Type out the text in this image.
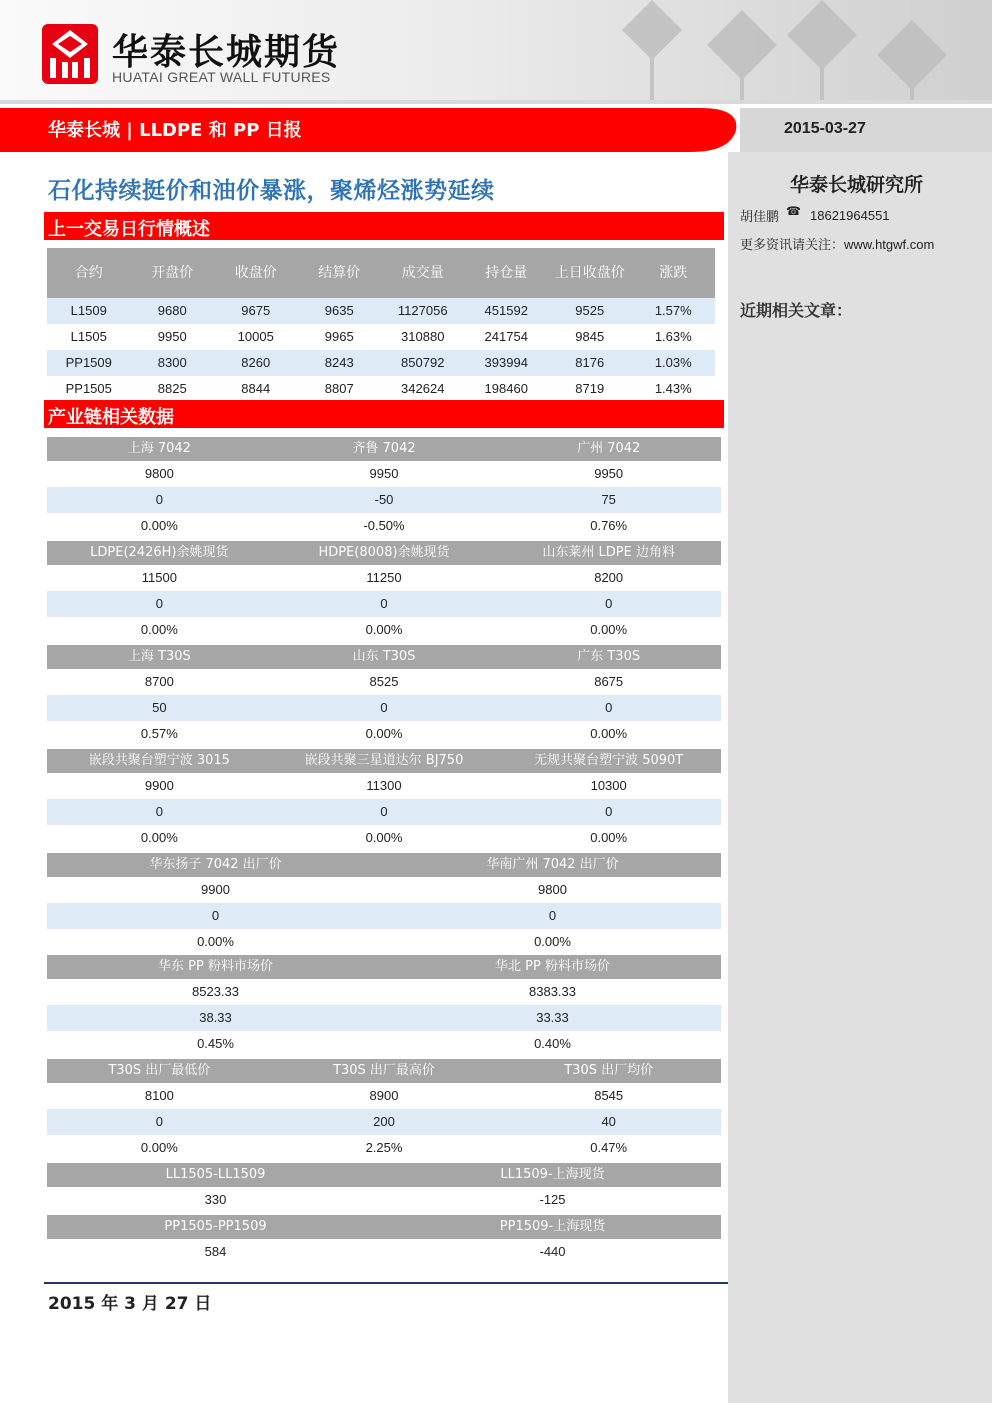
华泰长城期货
HUATAI GREAT WALL FUTURES
华泰长城 | LLDPE 和 PP 日报	2015-03-27
华泰长城研究所
胡佳鹏 ☎ 18621964551
更多资讯请关注：www.htgwf.com
近期相关文章：
石化持续挺价和油价暴涨，聚烯烃涨势延续
上一交易日行情概述
合约	开盘价	收盘价	结算价	成交量	持仓量	上日收盘价	涨跌
L1509	9680	9675	9635	1127056	451592	9525	1.57%
L1505	9950	10005	9965	310880	241754	9845	1.63%
PP1509	8300	8260	8243	850792	393994	8176	1.03%
PP1505	8825	8844	8807	342624	198460	8719	1.43%
产业链相关数据
上海 7042	齐鲁 7042	广州 7042
9800	9950	9950
0	-50	75
0.00%	-0.50%	0.76%
LDPE(2426H)余姚现货	HDPE(8008)余姚现货	山东莱州 LDPE 边角料
11500	11250	8200
0	0	0
0.00%	0.00%	0.00%
上海 T30S	山东 T30S	广东 T30S
8700	8525	8675
50	0	0
0.57%	0.00%	0.00%
嵌段共聚台塑宁波 3015	嵌段共聚三星道达尔 BJ750	无规共聚台塑宁波 5090T
9900	11300	10300
0	0	0
0.00%	0.00%	0.00%
华东扬子 7042 出厂价	华南广州 7042 出厂价
9900	9800
0	0
0.00%	0.00%
华东 PP 粉料市场价	华北 PP 粉料市场价
8523.33	8383.33
38.33	33.33
0.45%	0.40%
T30S 出厂最低价	T30S 出厂最高价	T30S 出厂均价
8100	8900	8545
0	200	40
0.00%	2.25%	0.47%
LL1505-LL1509	LL1509-上海现货
330	-125
PP1505-PP1509	PP1509-上海现货
584	-440
2015 年 3 月 27 日
